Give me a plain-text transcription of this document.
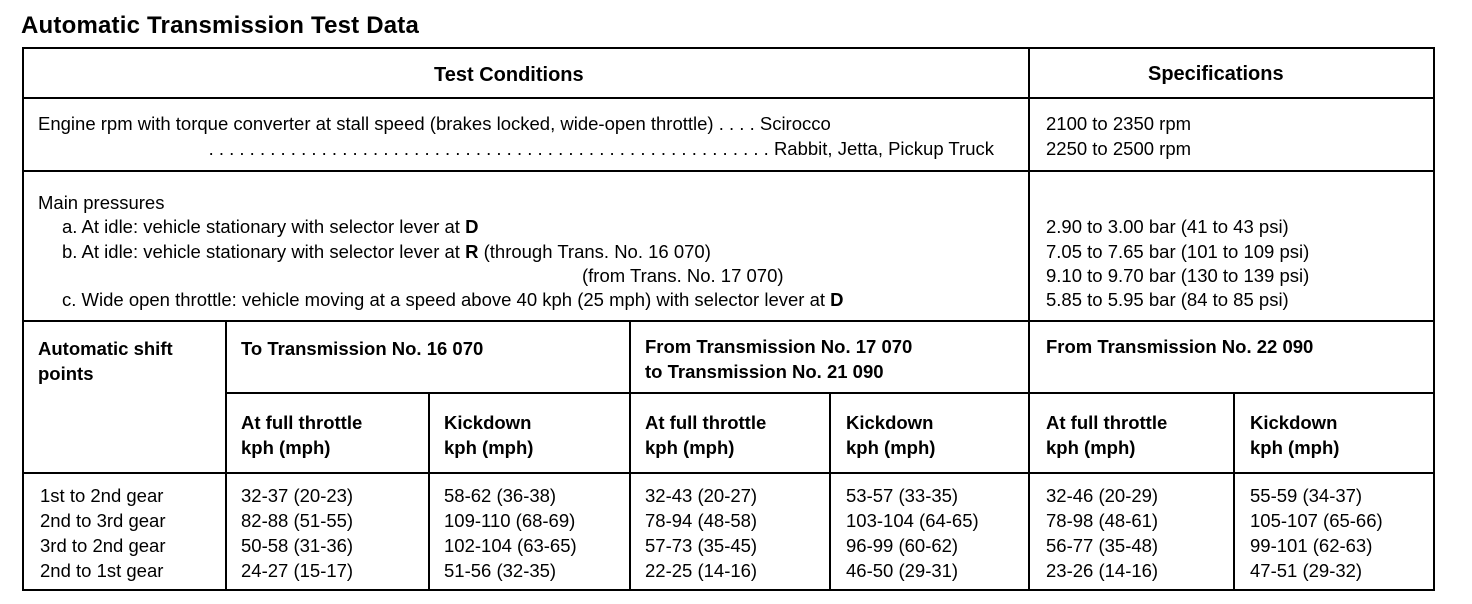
Automatic Transmission Test Data
Test Conditions	Specifications
Engine rpm with torque converter at stall speed (brakes locked, wide-open throttle) . . . . Scirocco
. . . . . . . . . . . . . . . . . . . . . . . . . . . . . . . . . . . . . . . . . . . . . . . . . . . . . . . Rabbit, Jetta, Pickup Truck
2100 to 2350 rpm
2250 to 2500 rpm
Main pressures
a. At idle: vehicle stationary with selector lever at D
b. At idle: vehicle stationary with selector lever at R (through Trans. No. 16 070)
(from Trans. No. 17 070)
c. Wide open throttle: vehicle moving at a speed above 40 kph (25 mph) with selector lever at D
2.90 to 3.00 bar (41 to 43 psi)
7.05 to 7.65 bar (101 to 109 psi)
9.10 to 9.70 bar (130 to 139 psi)
5.85 to 5.95 bar (84 to 85 psi)
Automatic shift
points
To Transmission No. 16 070	From Transmission No. 17 070
to Transmission No. 21 090
From Transmission No. 22 090
At full throttle
kph (mph)
Kickdown
kph (mph)
At full throttle
kph (mph)
Kickdown
kph (mph)
At full throttle
kph (mph)
Kickdown
kph (mph)
1st to 2nd gear
2nd to 3rd gear
3rd to 2nd gear
2nd to 1st gear
32-37 (20-23)
82-88 (51-55)
50-58 (31-36)
24-27 (15-17)
58-62 (36-38)
109-110 (68-69)
102-104 (63-65)
51-56 (32-35)
32-43 (20-27)
78-94 (48-58)
57-73 (35-45)
22-25 (14-16)
53-57 (33-35)
103-104 (64-65)
96-99 (60-62)
46-50 (29-31)
32-46 (20-29)
78-98 (48-61)
56-77 (35-48)
23-26 (14-16)
55-59 (34-37)
105-107 (65-66)
99-101 (62-63)
47-51 (29-32)
